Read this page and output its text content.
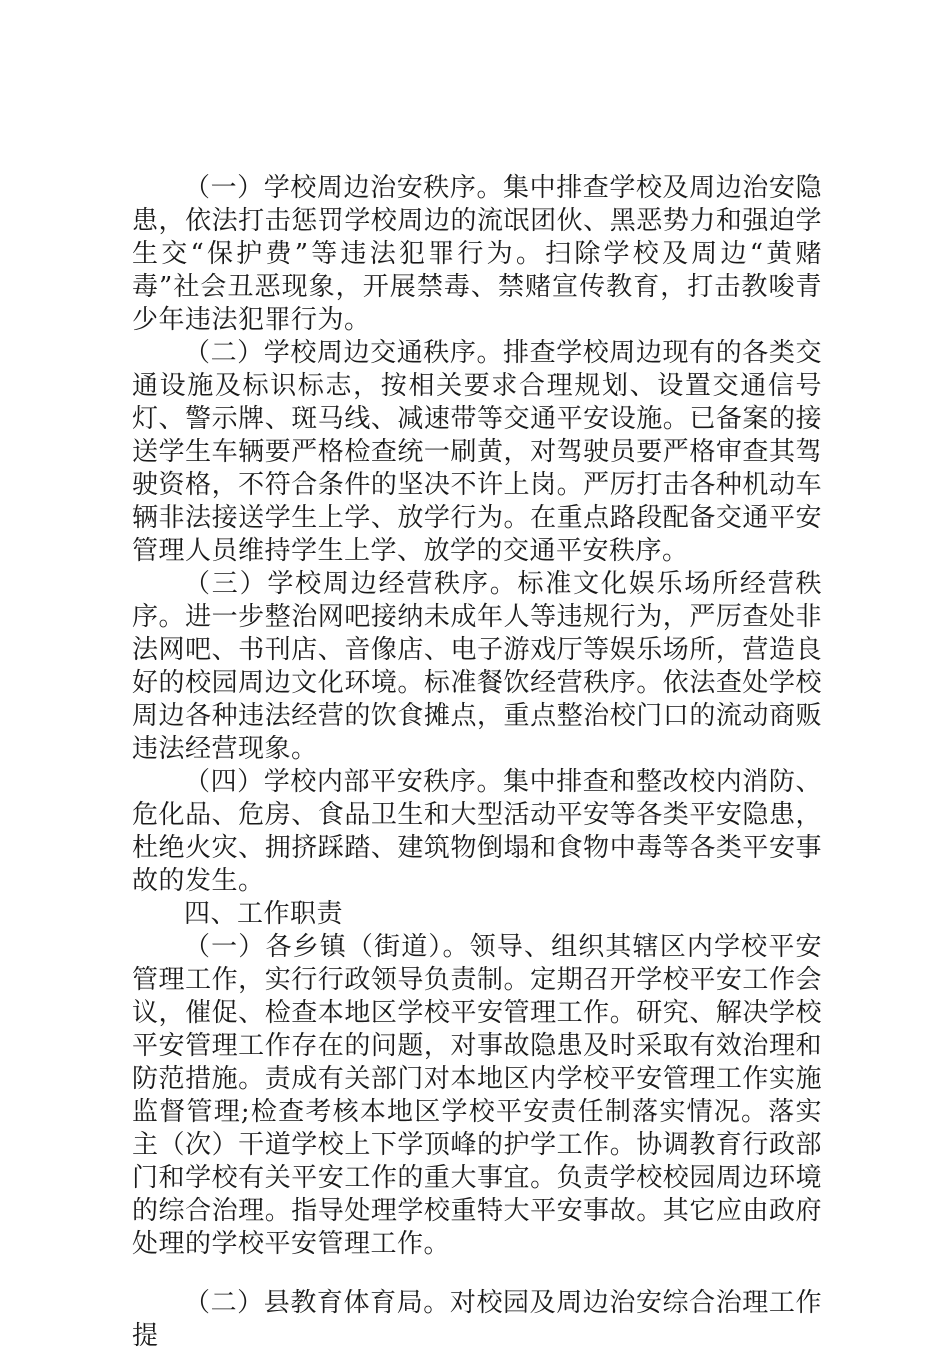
（一）学校周边治安秩序。集中排查学校及周边治安隐患，依法打击惩罚学校周边的流氓团伙、黑恶势力和强迫学生交“保护费”等违法犯罪行为。扫除学校及周边“黄赌毒”社会丑恶现象，开展禁毒、禁赌宣传教育，打击教唆青少年违法犯罪行为。

（二）学校周边交通秩序。排查学校周边现有的各类交通设施及标识标志，按相关要求合理规划、设置交通信号灯、警示牌、斑马线、减速带等交通平安设施。已备案的接送学生车辆要严格检查统一刷黄，对驾驶员要严格审查其驾驶资格，不符合条件的坚决不许上岗。严厉打击各种机动车辆非法接送学生上学、放学行为。在重点路段配备交通平安管理人员维持学生上学、放学的交通平安秩序。

（三）学校周边经营秩序。标准文化娱乐场所经营秩序。进一步整治网吧接纳未成年人等违规行为，严厉查处非法网吧、书刊店、音像店、电子游戏厅等娱乐场所，营造良好的校园周边文化环境。标准餐饮经营秩序。依法查处学校周边各种违法经营的饮食摊点，重点整治校门口的流动商贩违法经营现象。

（四）学校内部平安秩序。集中排查和整改校内消防、危化品、危房、食品卫生和大型活动平安等各类平安隐患，杜绝火灾、拥挤踩踏、建筑物倒塌和食物中毒等各类平安事故的发生。

四、工作职责

（一）各乡镇（街道）。领导、组织其辖区内学校平安管理工作，实行行政领导负责制。定期召开学校平安工作会议，催促、检查本地区学校平安管理工作。研究、解决学校平安管理工作存在的问题，对事故隐患及时采取有效治理和防范措施。责成有关部门对本地区内学校平安管理工作实施监督管理;检查考核本地区学校平安责任制落实情况。落实主（次）干道学校上下学顶峰的护学工作。协调教育行政部门和学校有关平安工作的重大事宜。负责学校校园周边环境的综合治理。指导处理学校重特大平安事故。其它应由政府处理的学校平安管理工作。

（二）县教育体育局。对校园及周边治安综合治理工作提
